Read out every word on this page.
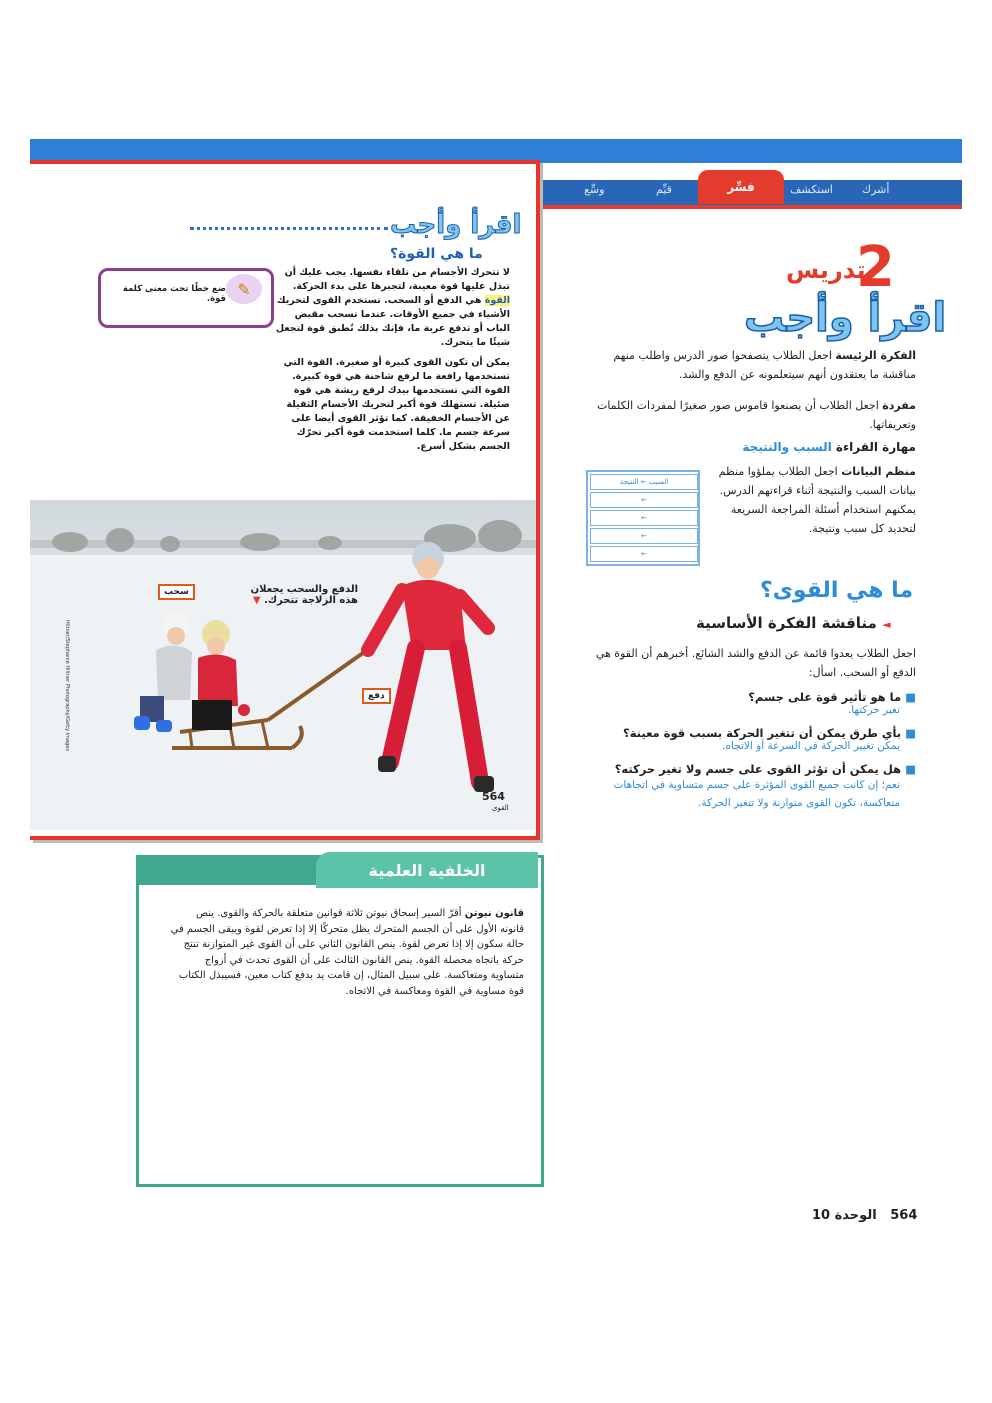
أشرك
استكشف
فسِّر
قيِّم
وسِّع
اقرأ وأجب
ما هي القوة؟

لا تتحرك الأجسام من تلقاء نفسها. يجب عليك أن تبذل عليها قوة معينة، لتجبرها على بدء الحركة. القوة هي الدفع أو السحب. تستخدم القوى لتحريك الأشياء في جميع الأوقات. عندما تسحب مقبض الباب أو تدفع عربة ما، فإنك بذلك تُطبق قوة لتجعل شيئًا ما يتحرك.

يمكن أن تكون القوى كبيرة أو صغيرة. القوة التي تستخدمها رافعة ما لرفع شاحنة هي قوة كبيرة. القوة التي تستخدمها بيدك لرفع ريشة هي قوة ضئيلة. تستهلك قوة أكبر لتحريك الأجسام الثقيلة عن الأجسام الخفيفة. كما تؤثر القوى أيضا على سرعة جسم ما. كلما استخدمت قوة أكبر تحرّك الجسم بشكل أسرع.

✎
ضع خطًا تحت معنى كلمة قوة.
الدفع والسحب يجعلان هذه الزلاجة تتحرك. ▼
سحب
دفع
564
القوى
Hiltner/Stephanie Hiltner Photography/Getty Images
الخلفية العلمية
قانون نيوتن أقرّ السير إسحاق نيوتن ثلاثة قوانين متعلقة بالحركة والقوى. ينص قانونه الأول على أن الجسم المتحرك يظل متحركًا إلا إذا تعرض لقوة ويبقى الجسم في حالة سكون إلا إذا تعرض لقوة. ينص القانون الثاني على أن القوى غير المتوازنة تنتج حركة باتجاه محصلة القوة. ينص القانون الثالث على أن القوى تحدث في أزواج متساوية ومتعاكسة. على سبيل المثال، إن قامت يد بدفع كتاب معين، فسيبذل الكتاب قوة مساوية في القوة ومعاكسة في الاتجاه.
2
تدريس
اقرأ وأجب
الفكرة الرئيسة اجعل الطلاب يتصفحوا صور الدرس واطلب منهم مناقشة ما يعتقدون أنهم سيتعلمونه عن الدفع والشد.
مفردة اجعل الطلاب أن يصنعوا قاموس صور صغيرًا لمفردات الكلمات وتعريفاتها.
مهارة القراءة السبب والنتيجة
منظم البيانات اجعل الطلاب يملؤوا منظم بيانات السبب والنتيجة أثناء قراءتهم الدرس. يمكنهم استخدام أسئلة المراجعة السريعة لتحديد كل سبب ونتيجة.
السبب ← النتيجة
←
←
←
←
ما هي القوى؟
◄ مناقشة الفكرة الأساسية
اجعل الطلاب يعدوا قائمة عن الدفع والشد الشائع. أخبرهم أن القوة هي الدفع أو السحب. اسأل:
■ ما هو تأثير قوة على جسم؟
تغير حركتها.
■ بأي طرق يمكن أن تتغير الحركة بسبب قوة معينة؟
يمكن تغيير الحركة في السرعة أو الاتجاه.
■ هل يمكن أن تؤثر القوى على جسم ولا تغير حركته؟
نعم؛ إن كانت جميع القوى المؤثرة على جسم متساوية في اتجاهات متعاكسة، تكون القوى متوازنة ولا تتغير الحركة.
564   الوحدة 10
